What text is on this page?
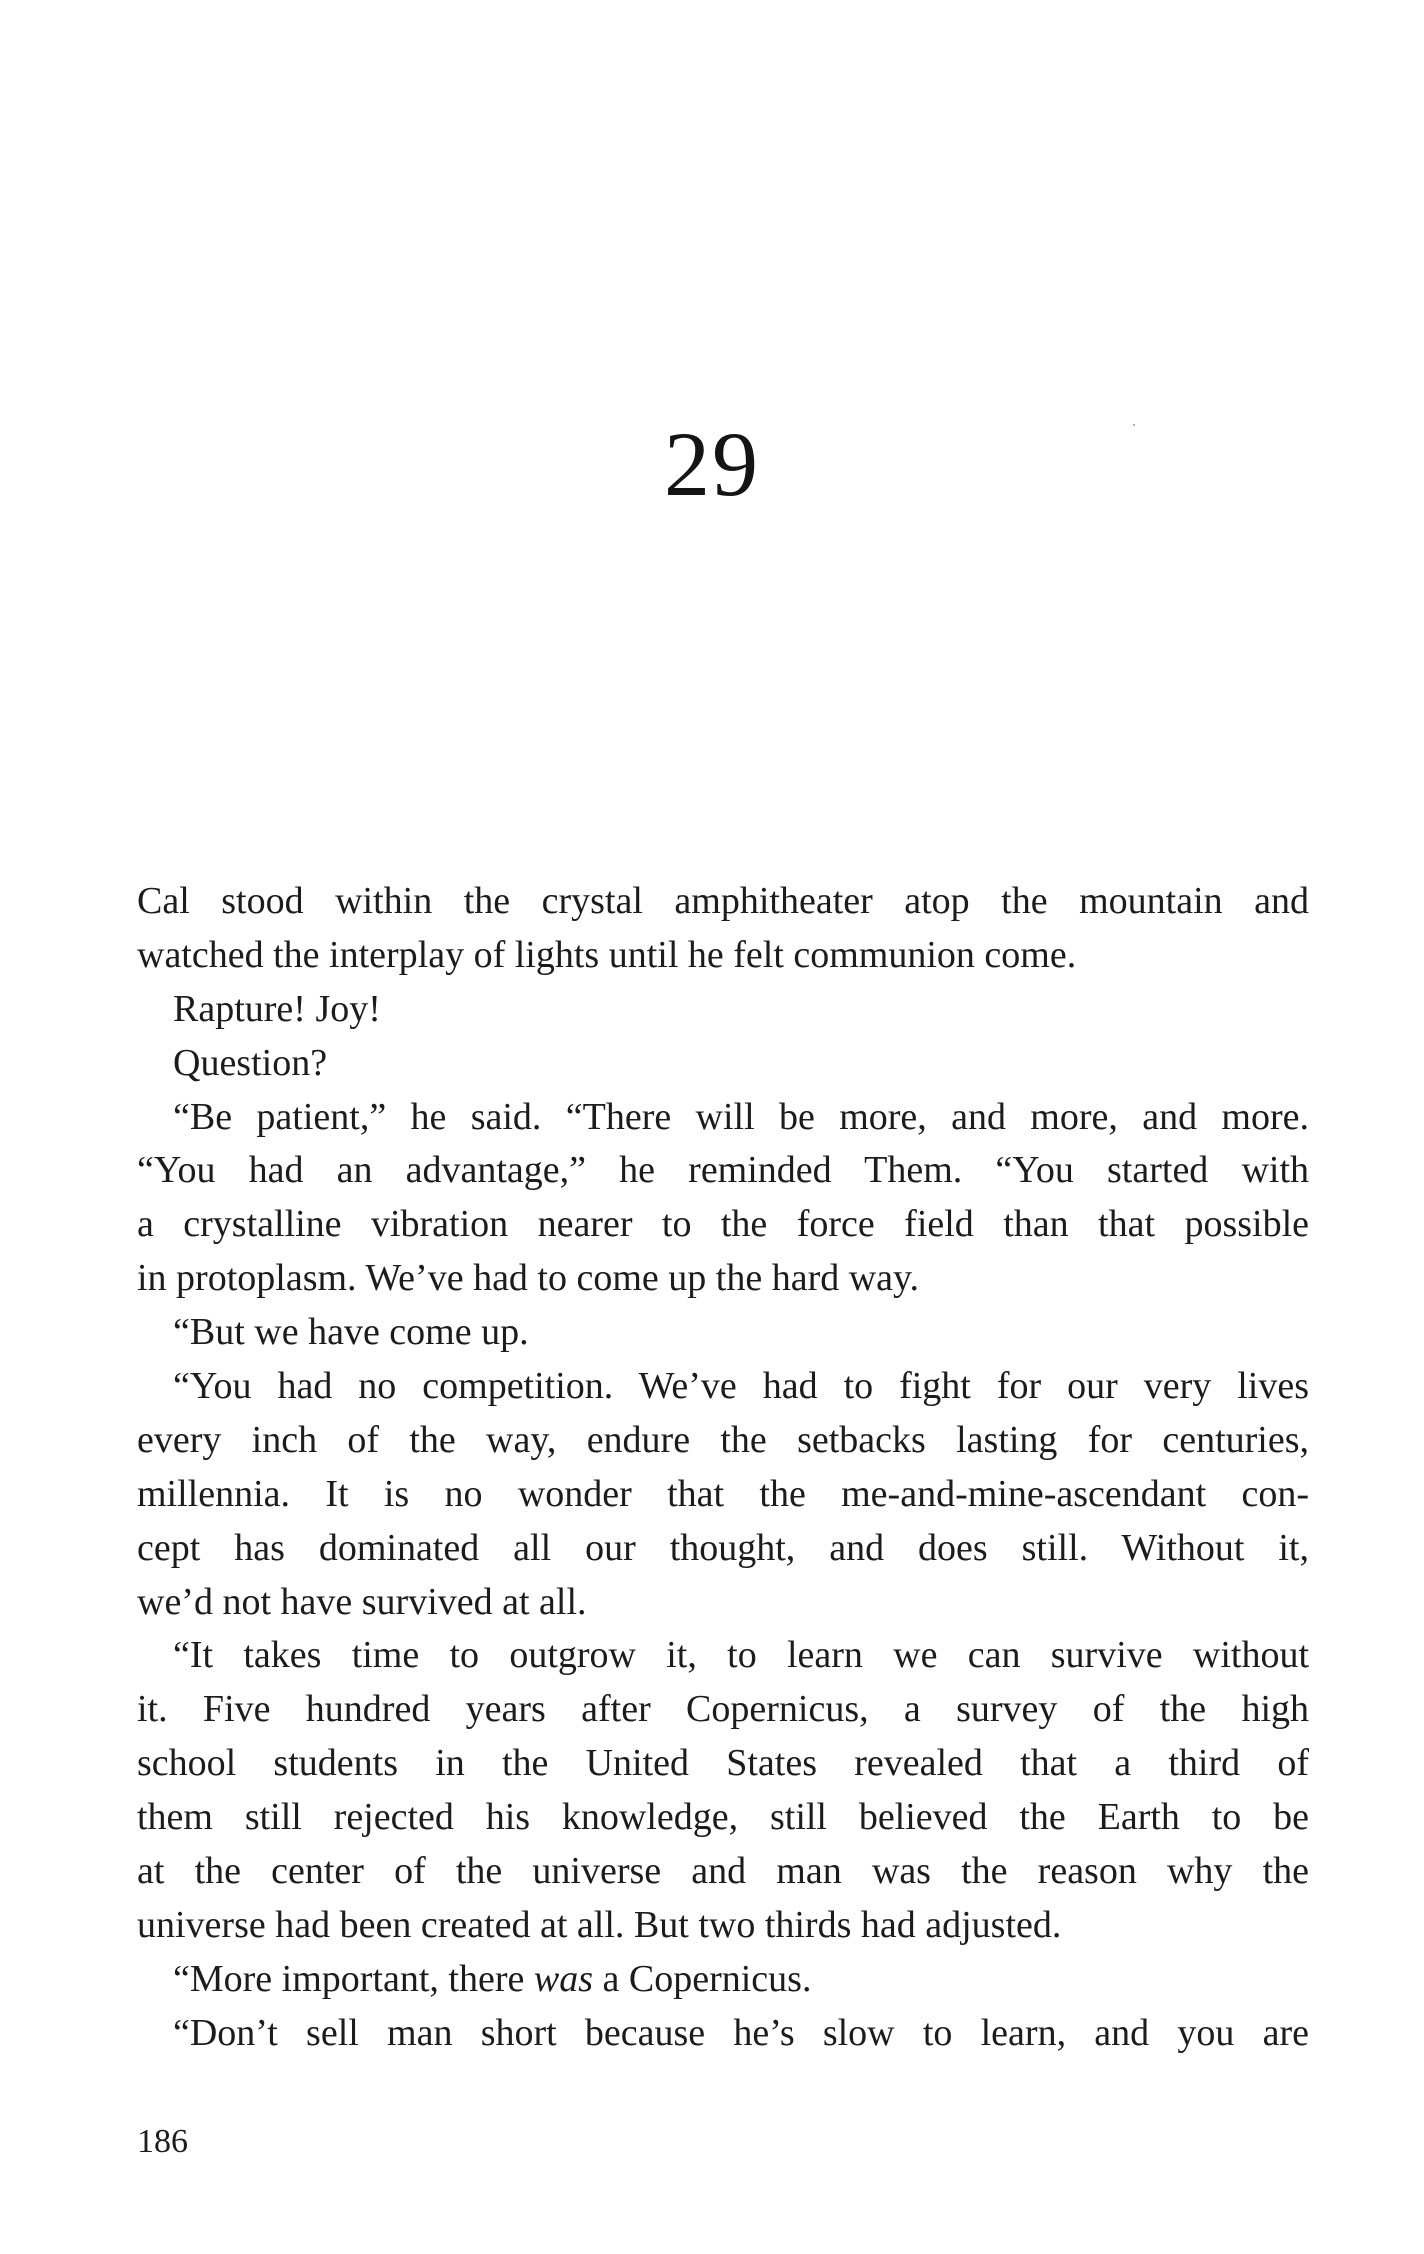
29
Cal stood within the crystal amphitheater atop the mountain and
watched the interplay of lights until he felt communion come.
Rapture! Joy!
Question?
“Be patient,” he said. “There will be more, and more, and more.
“You had an advantage,” he reminded Them. “You started with
a crystalline vibration nearer to the force field than that possible
in protoplasm. We’ve had to come up the hard way.
“But we have come up.
“You had no competition. We’ve had to fight for our very lives
every inch of the way, endure the setbacks lasting for centuries,
millennia. It is no wonder that the me-and-mine-ascendant con-
cept has dominated all our thought, and does still. Without it,
we’d not have survived at all.
“It takes time to outgrow it, to learn we can survive without
it. Five hundred years after Copernicus, a survey of the high
school students in the United States revealed that a third of
them still rejected his knowledge, still believed the Earth to be
at the center of the universe and man was the reason why the
universe had been created at all. But two thirds had adjusted.
“More important, there was a Copernicus.
“Don’t sell man short because he’s slow to learn, and you are
186
